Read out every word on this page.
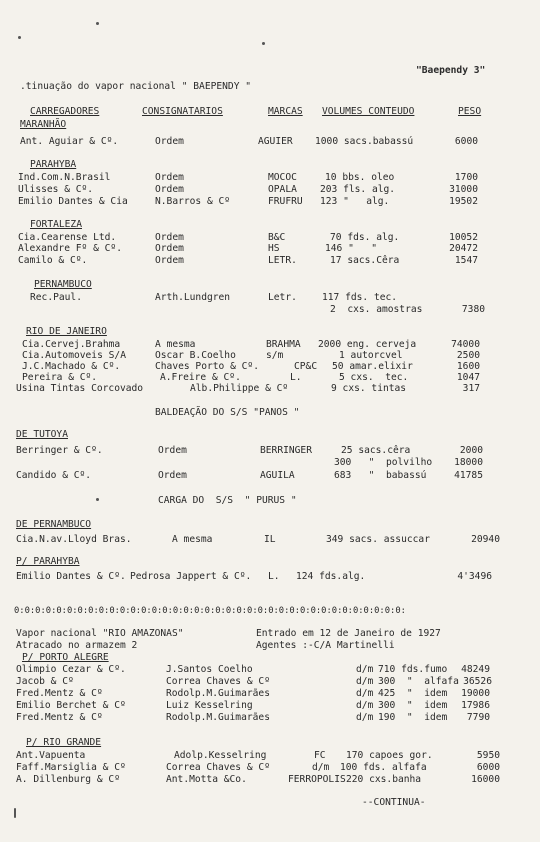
"Baependy 3"
.tinuação do vapor nacional " BAEPENDY "
CARREGADORES	CONSIGNATARIOS	MARCAS VOLUMES CONTEUDO	PESO
MARANHÃO
Ant. Aguiar & Cº.	Ordem	AGUIER 1000 sacs.babassú	6000
PARAHYBA
Ind.Com.N.Brasil	Ordem	MOCOC	10 bbs. oleo	1700
Ulisses & Cº.	Ordem	OPALA 203 fls. alg.	31000
Emilio Dantes & Cia	N.Barros & Cº	FRUFRU 123 "   alg.	19502
FORTALEZA
Cia.Cearense Ltd.	Ordem	B&C	70 fds. alg.	10052
Alexandre Fº & Cº.	Ordem	HS	146 "   "	20472
Camilo & Cº.	Ordem	LETR.	17 sacs.Cêra	1547
PERNAMBUCO
Rec.Paul.	Arth.Lundgren	Letr.	117 fds. tec.
2  cxs. amostras	7380
RIO DE JANEIRO
Cia.Cervej.Brahma	A mesma	BRAHMA 2000 eng. cerveja	74000
Cia.Automoveis S/A	Oscar B.Coelho	s/m	1 autorcvel	2500
J.C.Machado & Cº.	Chaves Porto & Cº.	CP&C 50 amar.elixir	1600
Pereira & Cº.	A.Freire & Cº.	L.	5 cxs.  tec.	1047
Usina Tintas Corcovado	Alb.Philippe & Cº	9 cxs. tintas	317
BALDEAÇÃO DO S/S "PANOS "
DE TUTOYA
Berringer & Cº.	Ordem	BERRINGER	25 sacs.cêra	2000
300   "  polvilho 18000
Candido & Cº.	Ordem	AGUILA	683   "  babassú	41785
CARGA DO  S/S  " PURUS "
DE PERNAMBUCO
Cia.N.av.Lloyd Bras.	A mesma	IL	349 sacs. assuccar	20940
P/ PARAHYBA
Emilio Dantes & Cº. Pedrosa Jappert & Cº. L. 124 fds.alg.	4'3496
0:0:0:0:0:0:0:0:0:0:0:0:0:0:0:0:0:0:0:0:0:0:0:0:0:0:0:0:0:0:0:0:0:0:0:0:0:
Vapor nacional "RIO AMAZONAS"	Entrado em 12 de Janeiro de 1927
Atracado no armazem 2	Agentes :-C/A Martinelli
P/ PORTO ALEGRE
Olimpio Cezar & Cº.	J.Santos Coelho	d/m 710 fds.fumo 48249
Jacob & Cº	Correa Chaves & Cº	d/m 300  "  alfafa 36526
Fred.Mentz & Cº	Rodolp.M.Guimarães	d/m 425  "  idem 19000
Emilio Berchet & Cº	Luiz Kesselring	d/m 300  "  idem 17986
Fred.Mentz & Cº	Rodolp.M.Guimarães	d/m 190  "  idem 7790
P/ RIO GRANDE
Ant.Vapuenta	Adolp.Kesselring	FC 170 capoes gor.	5950
Faff.Marsiglia & Cº	Correa Chaves & Cº	d/m 100 fds. alfafa	6000
A. Dillenburg & Cº	Ant.Motta &Co.	FERROPOLIS 220 cxs.banha	16000
--CONTINUA-
